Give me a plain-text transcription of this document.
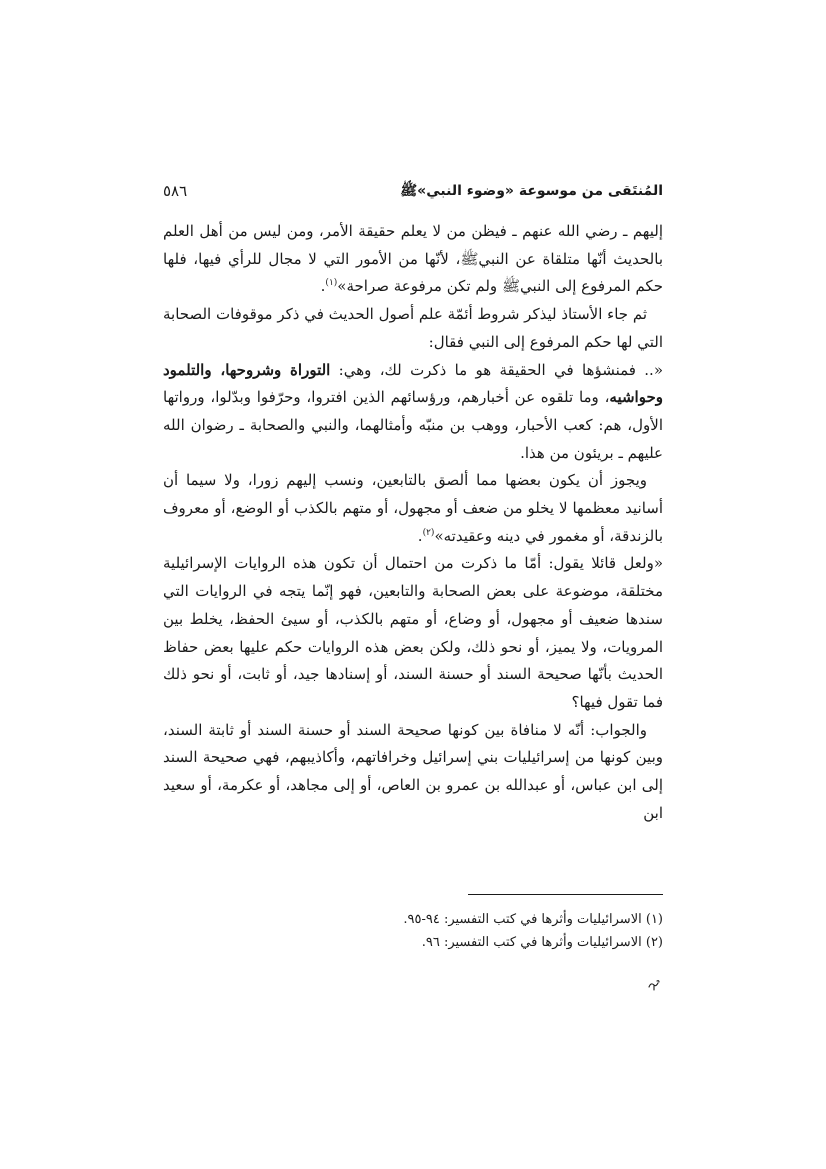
المُنتَقى من موسوعة «وضوء النبي»ﷺ
٥٨٦

إليهم ـ رضي الله عنهم ـ فيظن من لا يعلم حقيقة الأمر، ومن ليس من أهل العلم بالحديث أنّها متلقاة عن النبيﷺ، لأنّها من الأمور التي لا مجال للرأي فيها، فلها حكم المرفوع إلى النبيﷺ ولم تكن مرفوعة صراحة»$^{(١)}$.

ثم جاء الأستاذ ليذكر شروط أئمّة علم أصول الحديث في ذكر موقوفات الصحابة التي لها حكم المرفوع إلى النبي فقال:

«.. فمنشؤها في الحقيقة هو ما ذكرت لك، وهي: التوراة وشروحها، والتلمود وحواشيه، وما تلقوه عن أخبارهم، ورؤسائهم الذين افتروا، وحرّفوا وبدّلوا، ورواتها الأول، هم: كعب الأحبار، ووهب بن منبّه وأمثالهما، والنبي والصحابة ـ رضوان الله عليهم ـ بريئون من هذا.

ويجوز أن يكون بعضها مما ألصق بالتابعين، ونسب إليهم زورا، ولا سيما أن أسانيد معظمها لا يخلو من ضعف أو مجهول، أو متهم بالكذب أو الوضع، أو معروف بالزندقة، أو مغمور في دينه وعقيدته»$^{(٢)}$.

«ولعل قائلا يقول: أمّا ما ذكرت من احتمال أن تكون هذه الروايات الإسرائيلية مختلقة، موضوعة على بعض الصحابة والتابعين، فهو إنّما يتجه في الروايات التي سندها ضعيف أو مجهول، أو وضاع، أو متهم بالكذب، أو سيئ الحفظ، يخلط بين المرويات، ولا يميز، أو نحو ذلك، ولكن بعض هذه الروايات حكم عليها بعض حفاظ الحديث بأنّها صحيحة السند أو حسنة السند، أو إسنادها جيد، أو ثابت، أو نحو ذلك فما تقول فيها؟

والجواب: أنّه لا منافاة بين كونها صحيحة السند أو حسنة السند أو ثابتة السند، وبين كونها من إسرائيليات بني إسرائيل وخرافاتهم، وأكاذيبهم، فهي صحيحة السند إلى ابن عباس، أو عبدالله بن عمرو بن العاص، أو إلى مجاهد، أو عكرمة، أو سعيد ابن

(١) الاسرائيليات وأثرها في كتب التفسير: ٩٤-٩٥.

(٢) الاسرائيليات وأثرها في كتب التفسير: ٩٦.
